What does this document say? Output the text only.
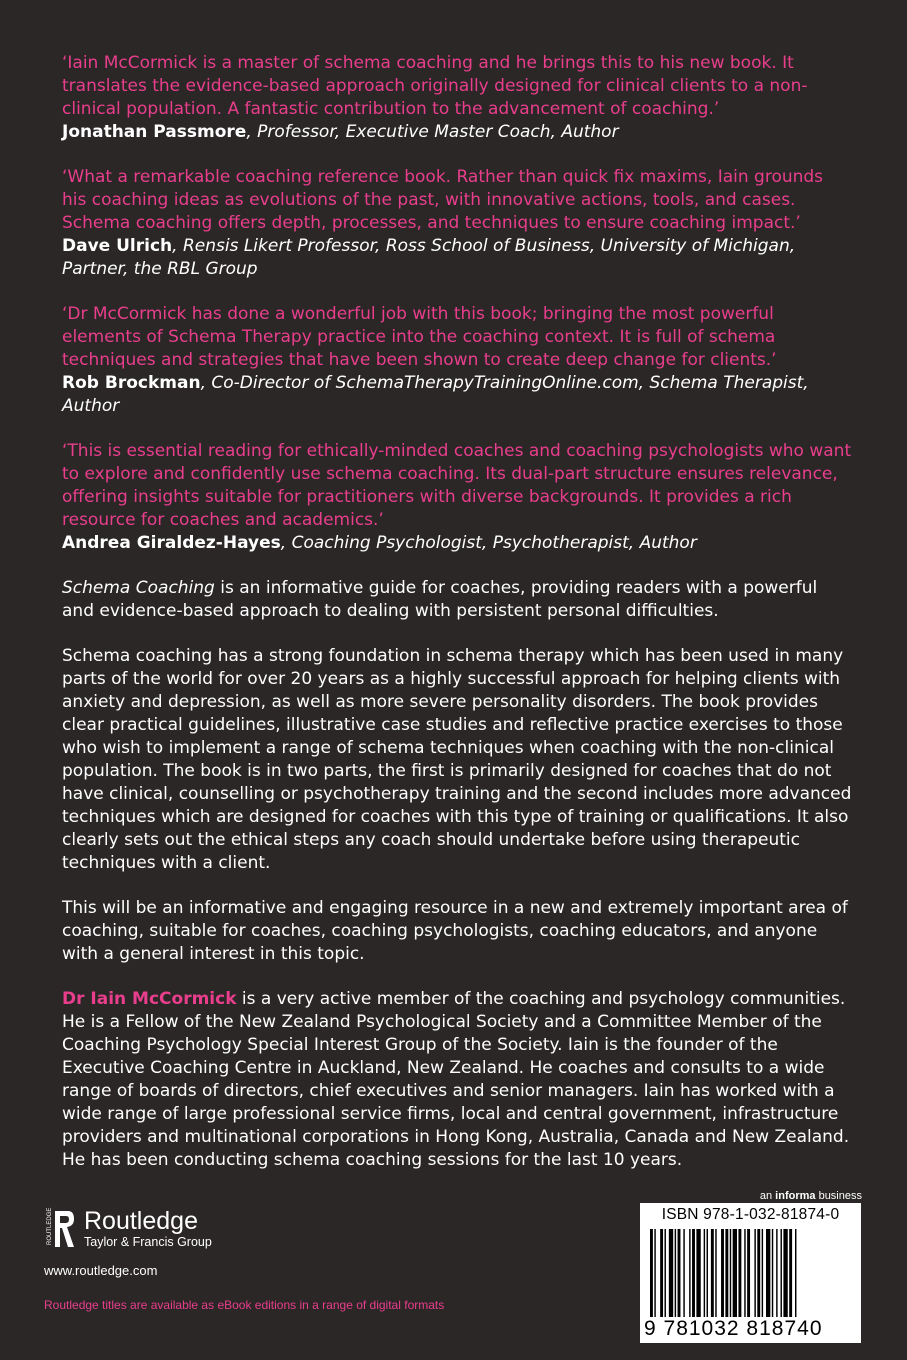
‘Iain McCormick is a master of schema coaching and he brings this to his new book. It translates the evidence-based approach originally designed for clinical clients to a non-clinical population. A fantastic contribution to the advancement of coaching.’

Jonathan Passmore, Professor, Executive Master Coach, Author

‘What a remarkable coaching reference book. Rather than quick fix maxims, Iain grounds his coaching ideas as evolutions of the past, with innovative actions, tools, and cases. Schema coaching offers depth, processes, and techniques to ensure coaching impact.’

Dave Ulrich, Rensis Likert Professor, Ross School of Business, University of Michigan, Partner, the RBL Group

‘Dr McCormick has done a wonderful job with this book; bringing the most powerful elements of Schema Therapy practice into the coaching context. It is full of schema techniques and strategies that have been shown to create deep change for clients.’

Rob Brockman, Co-Director of SchemaTherapyTrainingOnline.com, Schema Therapist, Author

‘This is essential reading for ethically-minded coaches and coaching psychologists who want to explore and confidently use schema coaching. Its dual-part structure ensures relevance, offering insights suitable for practitioners with diverse backgrounds. It provides a rich resource for coaches and academics.’

Andrea Giraldez-Hayes, Coaching Psychologist, Psychotherapist, Author

Schema Coaching is an informative guide for coaches, providing readers with a powerful and evidence-based approach to dealing with persistent personal difficulties.

Schema coaching has a strong foundation in schema therapy which has been used in many parts of the world for over 20 years as a highly successful approach for helping clients with anxiety and depression, as well as more severe personality disorders. The book provides clear practical guidelines, illustrative case studies and reflective practice exercises to those who wish to implement a range of schema techniques when coaching with the non-clinical population. The book is in two parts, the first is primarily designed for coaches that do not have clinical, counselling or psychotherapy training and the second includes more advanced techniques which are designed for coaches with this type of training or qualifications. It also clearly sets out the ethical steps any coach should undertake before using therapeutic techniques with a client.

This will be an informative and engaging resource in a new and extremely important area of coaching, suitable for coaches, coaching psychologists, coaching educators, and anyone with a general interest in this topic.

Dr Iain McCormick is a very active member of the coaching and psychology communities. He is a Fellow of the New Zealand Psychological Society and a Committee Member of the Coaching Psychology Special Interest Group of the Society. Iain is the founder of the Executive Coaching Centre in Auckland, New Zealand. He coaches and consults to a wide range of boards of directors, chief executives and senior managers. Iain has worked with a wide range of large professional service firms, local and central government, infrastructure providers and multinational corporations in Hong Kong, Australia, Canada and New Zealand. He has been conducting schema coaching sessions for the last 10 years.

ROUTLEDGE Routledge
Taylor & Francis Group
www.routledge.com
Routledge titles are available as eBook editions in a range of digital formats
an informa business
ISBN 978-1-032-81874-0
9 781032 818740
